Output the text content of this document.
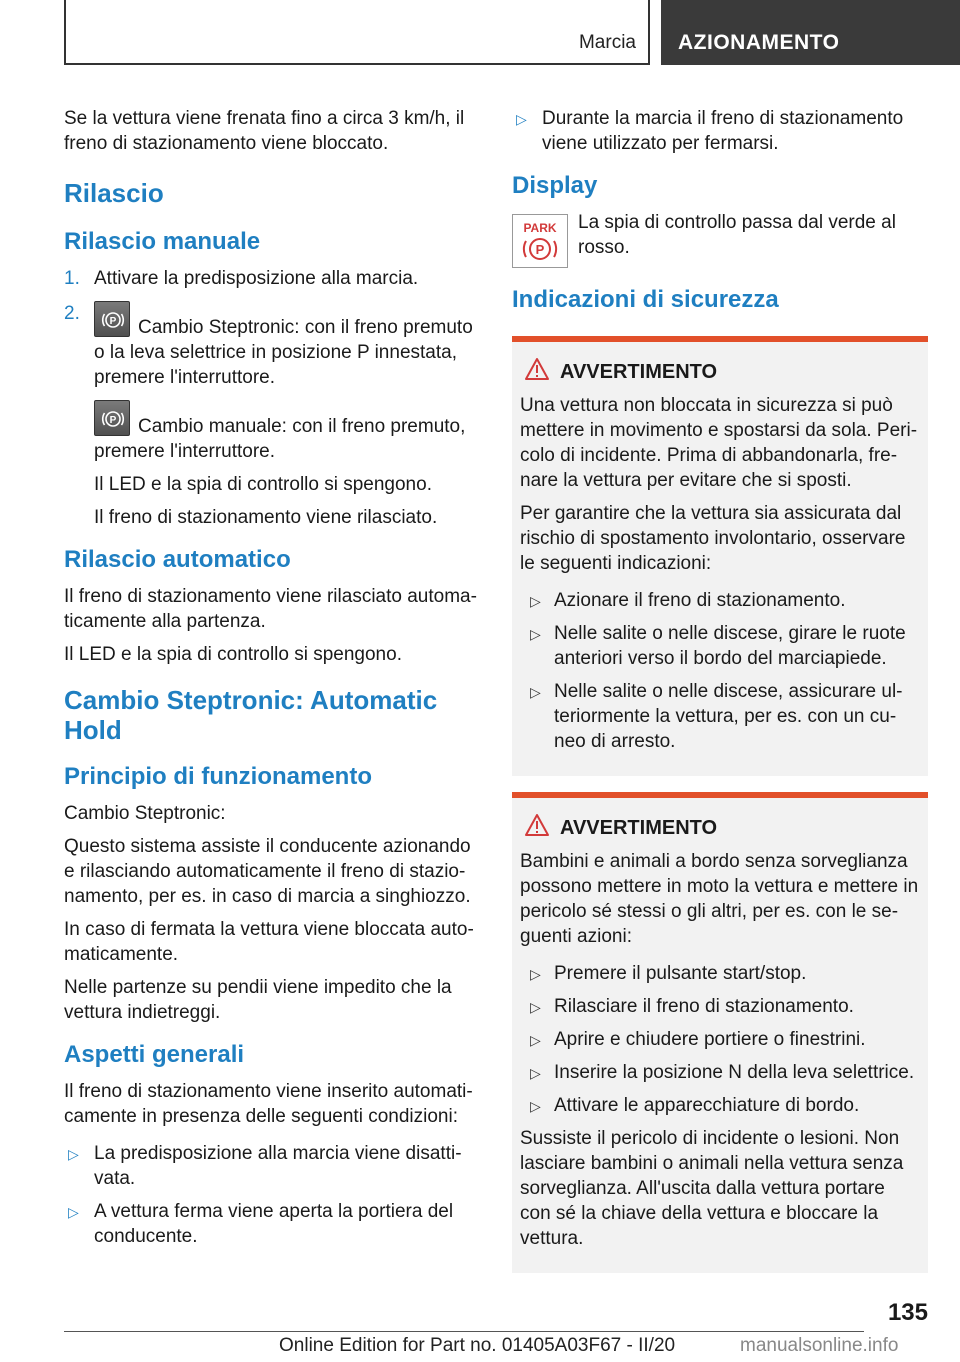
Marcia AZIONAMENTO
Se la vettura viene frenata fino a circa 3 km/h, il freno di stazionamento viene bloccato.
Rilascio
Rilascio manuale
1. Attivare la predisposizione alla marcia.
2.	P Cambio Steptronic: con il freno premuto o la leva selettrice in posizione P innestata, premere l'interruttore.
P Cambio manuale: con il freno premuto, premere l'interruttore.
Il LED e la spia di controllo si spengono.
Il freno di stazionamento viene rilasciato.
Rilascio automatico
Il freno di stazionamento viene rilasciato automaticamente alla partenza.
Il LED e la spia di controllo si spengono.
Cambio Steptronic: Automatic Hold
Principio di funzionamento
Cambio Steptronic:
Questo sistema assiste il conducente azionando e rilasciando automaticamente il freno di stazionamento, per es. in caso di marcia a singhiozzo.
In caso di fermata la vettura viene bloccata automaticamente.
Nelle partenze su pendii viene impedito che la vettura indietreggi.
Aspetti generali
Il freno di stazionamento viene inserito automaticamente in presenza delle seguenti condizioni:
▷ La predisposizione alla marcia viene disattivata.
▷ A vettura ferma viene aperta la portiera del conducente.
▷ Durante la marcia il freno di stazionamento viene utilizzato per fermarsi.
Display
PARK
P
La spia di controllo passa dal verde al rosso.
Indicazioni di sicurezza
AVVERTIMENTO
Una vettura non bloccata in sicurezza si può mettere in movimento e spostarsi da sola. Pericolo di incidente. Prima di abbandonarla, frenare la vettura per evitare che si sposti.
Per garantire che la vettura sia assicurata dal rischio di spostamento involontario, osservare le seguenti indicazioni:
▷ Azionare il freno di stazionamento.
▷ Nelle salite o nelle discese, girare le ruote anteriori verso il bordo del marciapiede.
▷ Nelle salite o nelle discese, assicurare ulteriormente la vettura, per es. con un cuneo di arresto.
AVVERTIMENTO
Bambini e animali a bordo senza sorveglianza possono mettere in moto la vettura e mettere in pericolo sé stessi o gli altri, per es. con le seguenti azioni:
▷ Premere il pulsante start/stop.
▷ Rilasciare il freno di stazionamento.
▷ Aprire e chiudere portiere o finestrini.
▷ Inserire la posizione N della leva selettrice.
▷ Attivare le apparecchiature di bordo.
Sussiste il pericolo di incidente o lesioni. Non lasciare bambini o animali nella vettura senza sorveglianza. All'uscita dalla vettura portare con sé la chiave della vettura e bloccare la vettura.
135
Online Edition for Part no. 01405A03F67 - II/20	manualsonline.info
